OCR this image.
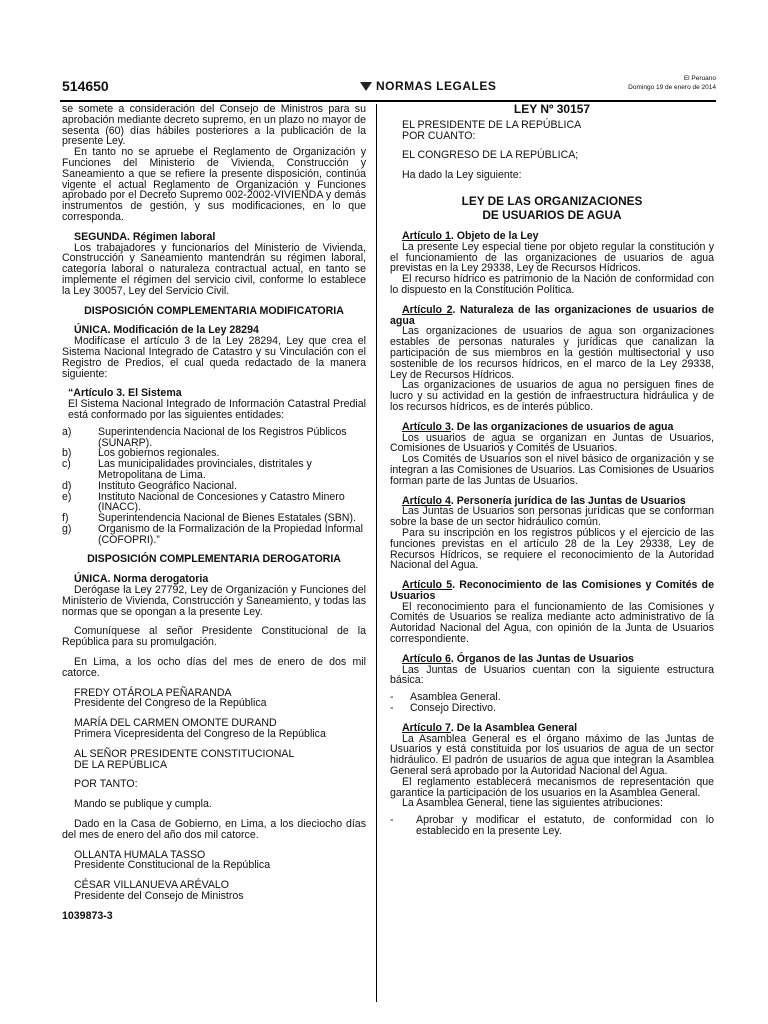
514650	NORMAS LEGALES
El Peruano
Domingo 19 de enero de 2014

se somete a consideración del Consejo de Ministros para su aprobación mediante decreto supremo, en un plazo no mayor de sesenta (60) días hábiles posteriores a la publicación de la presente Ley.

En tanto no se apruebe el Reglamento de Organización y Funciones del Ministerio de Vivienda, Construcción y Saneamiento a que se refiere la presente disposición, continúa vigente el actual Reglamento de Organización y Funciones aprobado por el Decreto Supremo 002-2002-VIVIENDA y demás instrumentos de gestión, y sus modificaciones, en lo que corresponda.

SEGUNDA. Régimen laboral

Los trabajadores y funcionarios del Ministerio de Vivienda, Construcción y Saneamiento mantendrán su régimen laboral, categoría laboral o naturaleza contractual actual, en tanto se implemente el régimen del servicio civil, conforme lo establece la Ley 30057, Ley del Servicio Civil.

DISPOSICIÓN COMPLEMENTARIA MODIFICATORIA

ÚNICA. Modificación de la Ley 28294

Modifícase el artículo 3 de la Ley 28294, Ley que crea el Sistema Nacional Integrado de Catastro y su Vinculación con el Registro de Predios, el cual queda redactado de la manera siguiente:

“Artículo 3. El Sistema

El Sistema Nacional Integrado de Información Catastral Predial está conformado por las siguientes entidades:

a)	Superintendencia Nacional de los Registros Públicos (SUNARP).
b)	Los gobiernos regionales.
c)	Las municipalidades provinciales, distritales y Metropolitana de Lima.
d)	Instituto Geográfico Nacional.
e)	Instituto Nacional de Concesiones y Catastro Minero (INACC).
f)	Superintendencia Nacional de Bienes Estatales (SBN).
g)	Organismo de la Formalización de la Propiedad Informal (COFOPRI).”

DISPOSICIÓN COMPLEMENTARIA DEROGATORIA

ÚNICA. Norma derogatoria

Derógase la Ley 27792, Ley de Organización y Funciones del Ministerio de Vivienda, Construcción y Saneamiento, y todas las normas que se opongan a la presente Ley.

Comuníquese al señor Presidente Constitucional de la República para su promulgación.

En Lima, a los ocho días del mes de enero de dos mil catorce.

FREDY OTÁROLA PEÑARANDA

Presidente del Congreso de la República

MARÍA DEL CARMEN OMONTE DURAND

Primera Vicepresidenta del Congreso de la República

AL SEÑOR PRESIDENTE CONSTITUCIONAL

DE LA REPÚBLICA

POR TANTO:

Mando se publique y cumpla.

Dado en la Casa de Gobierno, en Lima, a los dieciocho días del mes de enero del año dos mil catorce.

OLLANTA HUMALA TASSO

Presidente Constitucional de la República

CÉSAR VILLANUEVA ARÉVALO

Presidente del Consejo de Ministros

1039873-3

LEY Nº 30157

EL PRESIDENTE DE LA REPÚBLICA

POR CUANTO:

EL CONGRESO DE LA REPÚBLICA;

Ha dado la Ley siguiente:

LEY DE LAS ORGANIZACIONES

DE USUARIOS DE AGUA

Artículo 1. Objeto de la Ley

La presente Ley especial tiene por objeto regular la constitución y el funcionamiento de las organizaciones de usuarios de agua previstas en la Ley 29338, Ley de Recursos Hídricos.

El recurso hídrico es patrimonio de la Nación de conformidad con lo dispuesto en la Constitución Política.

Artículo 2. Naturaleza de las organizaciones de usuarios de agua

Las organizaciones de usuarios de agua son organizaciones estables de personas naturales y jurídicas que canalizan la participación de sus miembros en la gestión multisectorial y uso sostenible de los recursos hídricos, en el marco de la Ley 29338, Ley de Recursos Hídricos.

Las organizaciones de usuarios de agua no persiguen fines de lucro y su actividad en la gestión de infraestructura hidráulica y de los recursos hídricos, es de interés público.

Artículo 3. De las organizaciones de usuarios de agua

Los usuarios de agua se organizan en Juntas de Usuarios, Comisiones de Usuarios y Comités de Usuarios.

Los Comités de Usuarios son el nivel básico de organización y se integran a las Comisiones de Usuarios. Las Comisiones de Usuarios forman parte de las Juntas de Usuarios.

Artículo 4. Personería jurídica de las Juntas de Usuarios

Las Juntas de Usuarios son personas jurídicas que se conforman sobre la base de un sector hidráulico común.

Para su inscripción en los registros públicos y el ejercicio de las funciones previstas en el artículo 28 de la Ley 29338, Ley de Recursos Hídricos, se requiere el reconocimiento de la Autoridad Nacional del Agua.

Artículo 5. Reconocimiento de las Comisiones y Comités de Usuarios

El reconocimiento para el funcionamiento de las Comisiones y Comités de Usuarios se realiza mediante acto administrativo de la Autoridad Nacional del Agua, con opinión de la Junta de Usuarios correspondiente.

Artículo 6. Órganos de las Juntas de Usuarios

Las Juntas de Usuarios cuentan con la siguiente estructura básica:

-	Asamblea General.
-	Consejo Directivo.

Artículo 7. De la Asamblea General

La Asamblea General es el órgano máximo de las Juntas de Usuarios y está constituida por los usuarios de agua de un sector hidráulico. El padrón de usuarios de agua que integran la Asamblea General será aprobado por la Autoridad Nacional del Agua.

El reglamento establecerá mecanismos de representación que garantice la participación de los usuarios en la Asamblea General.

La Asamblea General, tiene las siguientes atribuciones:

-	Aprobar y modificar el estatuto, de conformidad con lo establecido en la presente Ley.
